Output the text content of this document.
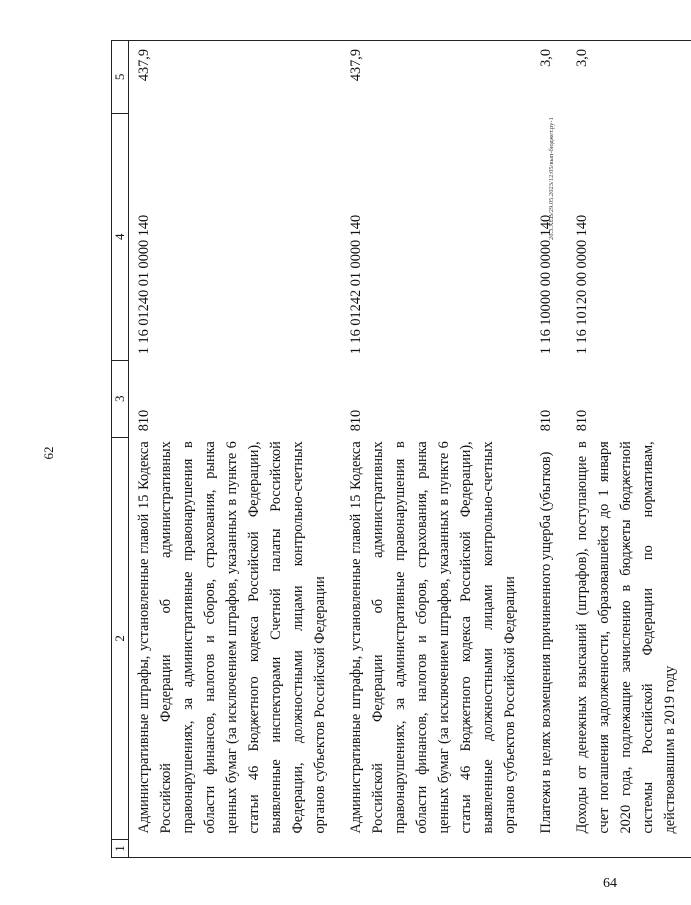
62
20.3.XEB/29.05.2023/12:05/вып-бюджет.ру-1
64
1	2	3	4	5
	Административные штрафы, установленные главой 15 Кодекса Российской Федерации об административных правонарушениях, за административные правонарушения в области финансов, налогов и сборов, страхования, рынка ценных бумаг (за исключением штрафов, указанных в пункте 6 статьи 46 Бюджетного кодекса Российской Федерации), выявленные инспекторами Счетной палаты Российской Федерации, должностными лицами контрольно-счетных органов субъектов Российской Федерации	810	1 16 01240 01 0000 140	437,9
	Административные штрафы, установленные главой 15 Кодекса Российской Федерации об административных правонарушениях, за административные правонарушения в области финансов, налогов и сборов, страхования, рынка ценных бумаг (за исключением штрафов, указанных в пункте 6 статьи 46 Бюджетного кодекса Российской Федерации), выявленные должностными лицами контрольно-счетных органов субъектов Российской Федерации	810	1 16 01242 01 0000 140	437,9
	Платежи в целях возмещения причиненного ущерба (убытков)	810	1 16 10000 00 0000 140	3,0
	Доходы от денежных взысканий (штрафов), поступающие в счет погашения задолженности, образовавшейся до 1 января 2020 года, подлежащие зачислению в бюджеты бюджетной системы Российской Федерации по нормативам, действовавшим в 2019 году	810	1 16 10120 00 0000 140	3,0
